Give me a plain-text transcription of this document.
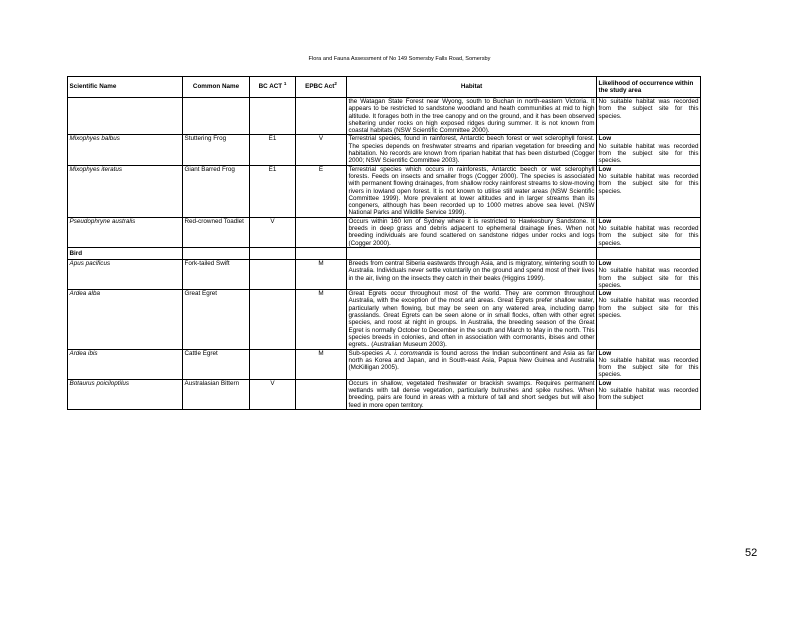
Flora and Fauna Assessment of No 149 Somersby Falls Road, Somersby
Scientific Name	Common Name	BC ACT $^1$	EPBC Act$^2$	Habitat	Likelihood of occurrence within the study area
				the Watagan State Forest near Wyong, south to Buchan in north-eastern Victoria. It appears to be restricted to sandstone woodland and heath communities at mid to high altitude. It forages both in the tree canopy and on the ground, and it has been observed sheltering under rocks on high exposed ridges during summer. It is not known from coastal habitats (NSW Scientific Committee 2000).	No suitable habitat was recorded from the subject site for this species.
Mixophyes balbus	Stuttering Frog	E1	V	Terrestrial species, found in rainforest, Antarctic beech forest or wet sclerophyll forest. The species depends on freshwater streams and riparian vegetation for breeding and habitation. No records are known from riparian habitat that has been disturbed (Cogger 2000; NSW Scientific Committee 2003).	Low
No suitable habitat was recorded from the subject site for this species.
Mixophyes iteratus	Giant Barred Frog	E1	E	Terrestrial species which occurs in rainforests, Antarctic beech or wet sclerophyll forests. Feeds on insects and smaller frogs (Cogger 2000). The species is associated with permanent flowing drainages, from shallow rocky rainforest streams to slow-moving rivers in lowland open forest. It is not known to utilise still water areas (NSW Scientific Committee 1999). More prevalent at lower altitudes and in larger streams than its congeners, although has been recorded up to 1000 metres above sea level. (NSW National Parks and Wildlife Service 1999).	Low
No suitable habitat was recorded from the subject site for this species.
Pseudophryne australis	Red-crowned Toadlet	V		Occurs within 160 km of Sydney where it is restricted to Hawkesbury Sandstone. It breeds in deep grass and debris adjacent to ephemeral drainage lines. When not breeding individuals are found scattered on sandstone ridges under rocks and logs (Cogger 2000).	Low
No suitable habitat was recorded from the subject site for this species.
Bird					
Apus pacificus	Fork-tailed Swift		M	Breeds from central Siberia eastwards through Asia, and is migratory, wintering south to Australia. Individuals never settle voluntarily on the ground and spend most of their lives in the air, living on the insects they catch in their beaks (Higgins 1999).	Low
No suitable habitat was recorded from the subject site for this species.
Ardea alba	Great Egret		M	Great Egrets occur throughout most of the world. They are common throughout Australia, with the exception of the most arid areas. Great Egrets prefer shallow water, particularly when flowing, but may be seen on any watered area, including damp grasslands. Great Egrets can be seen alone or in small flocks, often with other egret species, and roost at night in groups. In Australia, the breeding season of the Great Egret is normally October to December in the south and March to May in the north. This species breeds in colonies, and often in association with cormorants, ibises and other egrets.. (Australian Museum 2003).	Low
No suitable habitat was recorded from the subject site for this species.
Ardea ibis	Cattle Egret		M	Sub-species A. i. coromanda is found across the Indian subcontinent and Asia as far north as Korea and Japan, and in South-east Asia, Papua New Guinea and Australia (McKilligan 2005).	Low
No suitable habitat was recorded from the subject site for this species.
Botaurus poiciloptilus	Australasian Bittern	V		Occurs in shallow, vegetated freshwater or brackish swamps. Requires permanent wetlands with tall dense vegetation, particularly bulrushes and spike rushes. When breeding, pairs are found in areas with a mixture of tall and short sedges but will also feed in more open territory.	Low
No suitable habitat was recorded from the subject
52
